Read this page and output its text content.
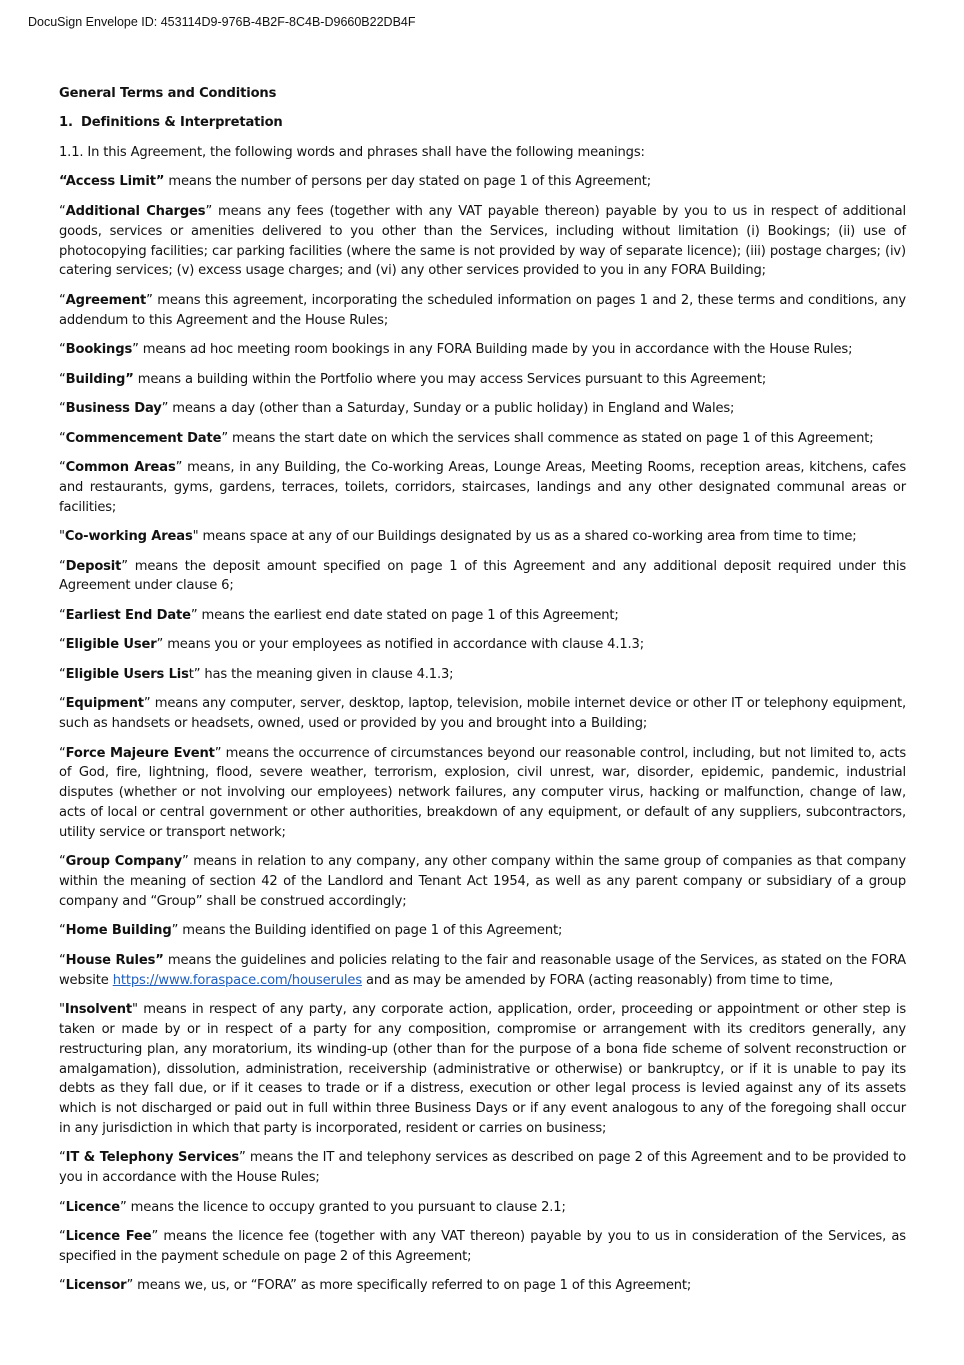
DocuSign Envelope ID: 453114D9-976B-4B2F-8C4B-D9660B22DB4F

General Terms and Conditions

1. Definitions & Interpretation

1.1. In this Agreement, the following words and phrases shall have the following meanings:

“Access Limit” means the number of persons per day stated on page 1 of this Agreement;

“Additional Charges” means any fees (together with any VAT payable thereon) payable by you to us in respect of additional goods, services or amenities delivered to you other than the Services, including without limitation (i) Bookings; (ii) use of photocopying facilities; car parking facilities (where the same is not provided by way of separate licence); (iii) postage charges; (iv) catering services; (v) excess usage charges; and (vi) any other services provided to you in any FORA Building;

“Agreement” means this agreement, incorporating the scheduled information on pages 1 and 2, these terms and conditions, any addendum to this Agreement and the House Rules;

“Bookings” means ad hoc meeting room bookings in any FORA Building made by you in accordance with the House Rules;

“Building” means a building within the Portfolio where you may access Services pursuant to this Agreement;

“Business Day” means a day (other than a Saturday, Sunday or a public holiday) in England and Wales;

“Commencement Date” means the start date on which the services shall commence as stated on page 1 of this Agreement;

“Common Areas” means, in any Building, the Co-working Areas, Lounge Areas, Meeting Rooms, reception areas, kitchens, cafes and restaurants, gyms, gardens, terraces, toilets, corridors, staircases, landings and any other designated communal areas or facilities;

"Co-working Areas" means space at any of our Buildings designated by us as a shared co-working area from time to time;

“Deposit” means the deposit amount specified on page 1 of this Agreement and any additional deposit required under this Agreement under clause 6;

“Earliest End Date” means the earliest end date stated on page 1 of this Agreement;

“Eligible User” means you or your employees as notified in accordance with clause 4.1.3;

“Eligible Users List” has the meaning given in clause 4.1.3;

“Equipment” means any computer, server, desktop, laptop, television, mobile internet device or other IT or telephony equipment, such as handsets or headsets, owned, used or provided by you and brought into a Building;

“Force Majeure Event” means the occurrence of circumstances beyond our reasonable control, including, but not limited to, acts of God, fire, lightning, flood, severe weather, terrorism, explosion, civil unrest, war, disorder, epidemic, pandemic, industrial disputes (whether or not involving our employees) network failures, any computer virus, hacking or malfunction, change of law, acts of local or central government or other authorities, breakdown of any equipment, or default of any suppliers, subcontractors, utility service or transport network;

“Group Company” means in relation to any company, any other company within the same group of companies as that company within the meaning of section 42 of the Landlord and Tenant Act 1954, as well as any parent company or subsidiary of a group company and “Group” shall be construed accordingly;

“Home Building” means the Building identified on page 1 of this Agreement;

“House Rules” means the guidelines and policies relating to the fair and reasonable usage of the Services, as stated on the FORA website https://www.foraspace.com/houserules and as may be amended by FORA (acting reasonably) from time to time,

"Insolvent" means in respect of any party, any corporate action, application, order, proceeding or appointment or other step is taken or made by or in respect of a party for any composition, compromise or arrangement with its creditors generally, any restructuring plan, any moratorium, its winding-up (other than for the purpose of a bona fide scheme of solvent reconstruction or amalgamation), dissolution, administration, receivership (administrative or otherwise) or bankruptcy, or if it is unable to pay its debts as they fall due, or if it ceases to trade or if a distress, execution or other legal process is levied against any of its assets which is not discharged or paid out in full within three Business Days or if any event analogous to any of the foregoing shall occur in any jurisdiction in which that party is incorporated, resident or carries on business;

“IT & Telephony Services” means the IT and telephony services as described on page 2 of this Agreement and to be provided to you in accordance with the House Rules;

“Licence” means the licence to occupy granted to you pursuant to clause 2.1;

“Licence Fee” means the licence fee (together with any VAT thereon) payable by you to us in consideration of the Services, as specified in the payment schedule on page 2 of this Agreement;

“Licensor” means we, us, or “FORA” as more specifically referred to on page 1 of this Agreement;
